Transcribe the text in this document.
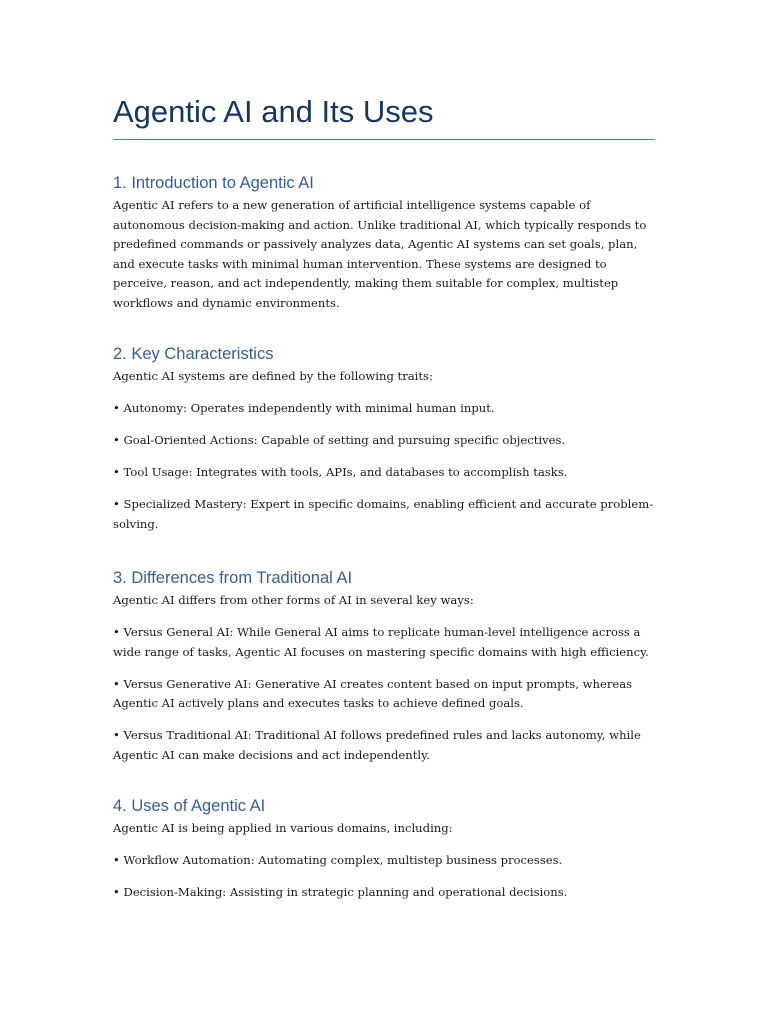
Agentic AI and Its Uses
1. Introduction to Agentic AI

Agentic AI refers to a new generation of artificial intelligence systems capable of autonomous decision-making and action. Unlike traditional AI, which typically responds to predefined commands or passively analyzes data, Agentic AI systems can set goals, plan, and execute tasks with minimal human intervention. These systems are designed to perceive, reason, and act independently, making them suitable for complex, multistep workflows and dynamic environments.

2. Key Characteristics

Agentic AI systems are defined by the following traits:

• Autonomy: Operates independently with minimal human input.

• Goal-Oriented Actions: Capable of setting and pursuing specific objectives.

• Tool Usage: Integrates with tools, APIs, and databases to accomplish tasks.

• Specialized Mastery: Expert in specific domains, enabling efficient and accurate problem-solving.

3. Differences from Traditional AI

Agentic AI differs from other forms of AI in several key ways:

• Versus General AI: While General AI aims to replicate human-level intelligence across a wide range of tasks, Agentic AI focuses on mastering specific domains with high efficiency.

• Versus Generative AI: Generative AI creates content based on input prompts, whereas Agentic AI actively plans and executes tasks to achieve defined goals.

• Versus Traditional AI: Traditional AI follows predefined rules and lacks autonomy, while Agentic AI can make decisions and act independently.

4. Uses of Agentic AI

Agentic AI is being applied in various domains, including:

• Workflow Automation: Automating complex, multistep business processes.

• Decision-Making: Assisting in strategic planning and operational decisions.
